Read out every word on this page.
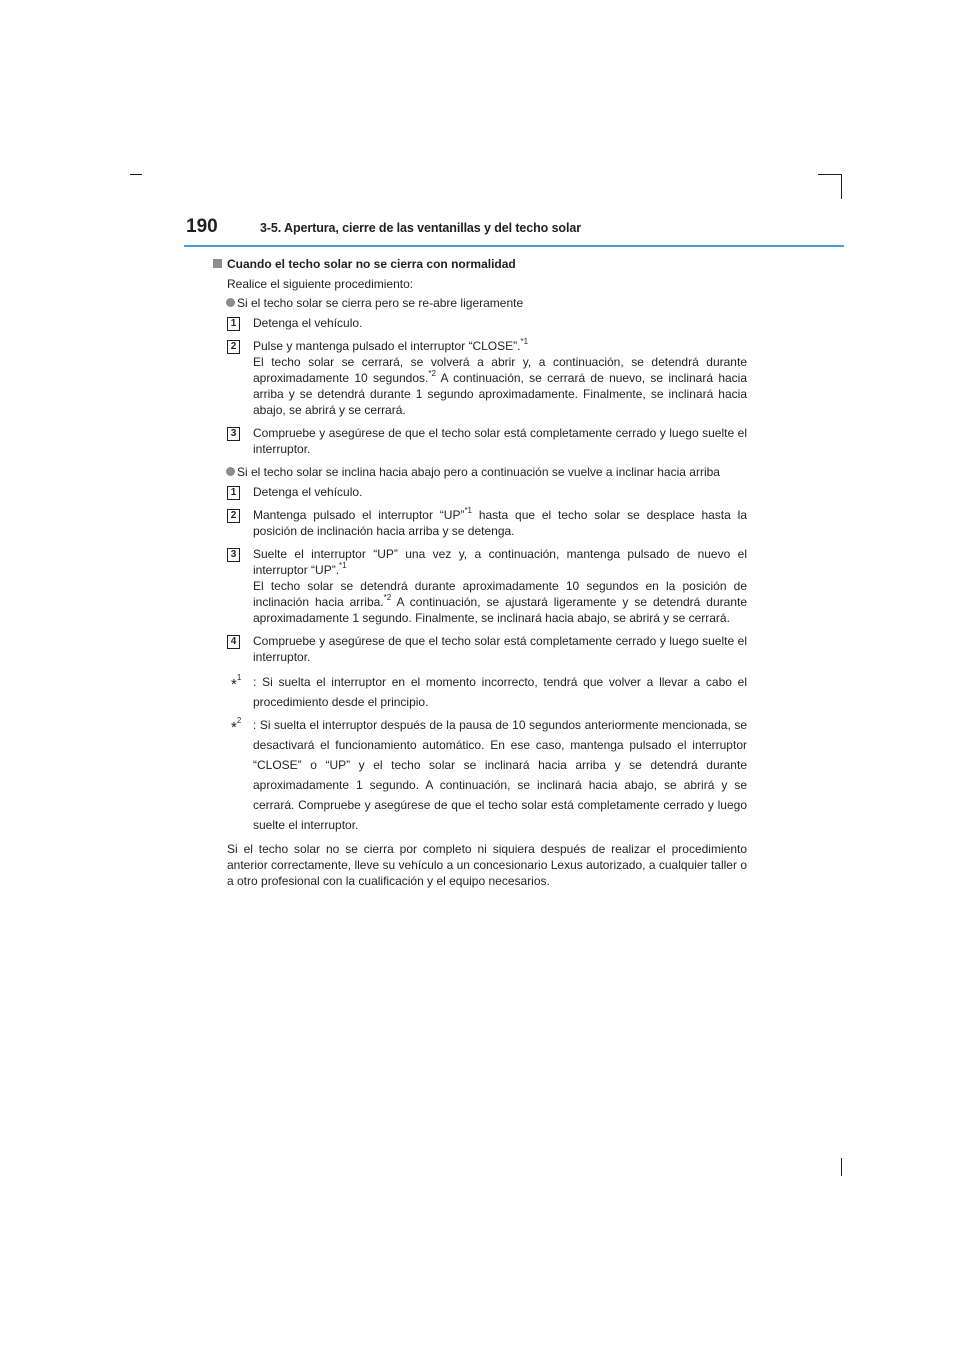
190	3-5. Apertura, cierre de las ventanillas y del techo solar
Cuando el techo solar no se cierra con normalidad
Realice el siguiente procedimiento:
Si el techo solar se cierra pero se re-abre ligeramente
1	Detenga el vehículo.
2	Pulse y mantenga pulsado el interruptor “CLOSE”.$^{*1}$
El techo solar se cerrará, se volverá a abrir y, a continuación, se detendrá durante aproximadamente 10 segundos.$^{*2}$ A continuación, se cerrará de nuevo, se inclinará hacia arriba y se detendrá durante 1 segundo aproximadamente. Finalmente, se inclinará hacia abajo, se abrirá y se cerrará.
3	Compruebe y asegúrese de que el techo solar está completamente cerrado y luego suelte el interruptor.
Si el techo solar se inclina hacia abajo pero a continuación se vuelve a inclinar hacia arriba
1	Detenga el vehículo.
2	Mantenga pulsado el interruptor “UP”$^{*1}$ hasta que el techo solar se desplace hasta la posición de inclinación hacia arriba y se detenga.
3	Suelte el interruptor “UP” una vez y, a continuación, mantenga pulsado de nuevo el interruptor “UP”.$^{*1}$
El techo solar se detendrá durante aproximadamente 10 segundos en la posición de inclinación hacia arriba.$^{*2}$ A continuación, se ajustará ligeramente y se detendrá durante aproximadamente 1 segundo. Finalmente, se inclinará hacia abajo, se abrirá y se cerrará.
4	Compruebe y asegúrese de que el techo solar está completamente cerrado y luego suelte el interruptor.
*$^1$ : Si suelta el interruptor en el momento incorrecto, tendrá que volver a llevar a cabo el procedimiento desde el principio.
*$^2$ : Si suelta el interruptor después de la pausa de 10 segundos anteriormente mencionada, se desactivará el funcionamiento automático. En ese caso, mantenga pulsado el interruptor “CLOSE” o “UP” y el techo solar se inclinará hacia arriba y se detendrá durante aproximadamente 1 segundo. A continuación, se inclinará hacia abajo, se abrirá y se cerrará. Compruebe y asegúrese de que el techo solar está completamente cerrado y luego suelte el interruptor.
Si el techo solar no se cierra por completo ni siquiera después de realizar el procedimiento anterior correctamente, lleve su vehículo a un concesionario Lexus autorizado, a cualquier taller o a otro profesional con la cualificación y el equipo necesarios.
